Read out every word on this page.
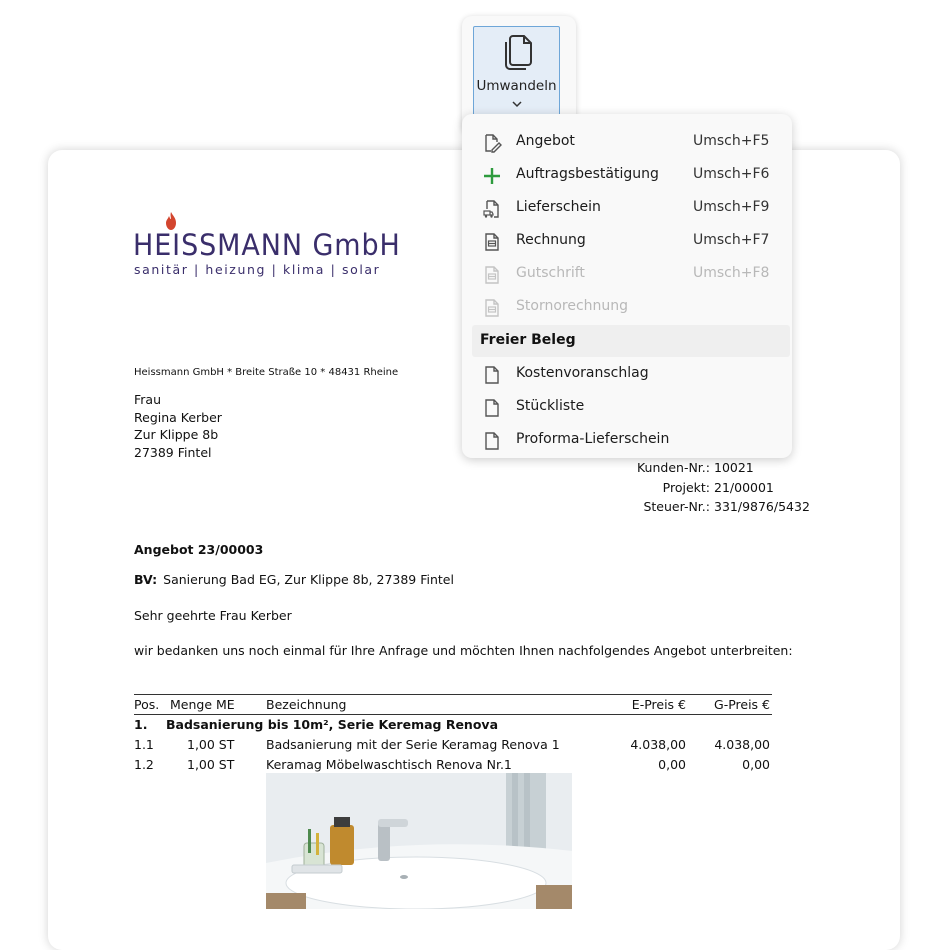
HEISSMANN GmbH
sanitär | heizung | klima | solar
Heissmann GmbH * Breite Straße 10 * 48431 Rheine
Frau
Regina Kerber
Zur Klippe 8b
27389 Fintel
Kunden-Nr.: 10021
Projekt: 21/00001
Steuer-Nr.: 331/9876/5432
Angebot 23/00003
BV: Sanierung Bad EG, Zur Klippe 8b, 27389 Fintel
Sehr geehrte Frau Kerber
wir bedanken uns noch einmal für Ihre Anfrage und möchten Ihnen nachfolgendes Angebot unterbreiten:
Pos. Menge ME	Bezeichnung	E-Preis € G-Preis €
1. Badsanierung bis 10m², Serie Keremag Renova
1.1	1,00 ST	Badsanierung mit der Serie Keramag Renova 1	4.038,00 4.038,00
1.2	1,00 ST	Keramag Möbelwaschtisch Renova Nr.1	0,00	0,00
Umwandeln
Angebot	Umsch+F5
Auftragsbestätigung Umsch+F6
Lieferschein	Umsch+F9
Rechnung	Umsch+F7
Gutschrift	Umsch+F8
Stornorechnung
Freier Beleg
Kostenvoranschlag
Stückliste
Proforma-Lieferschein
